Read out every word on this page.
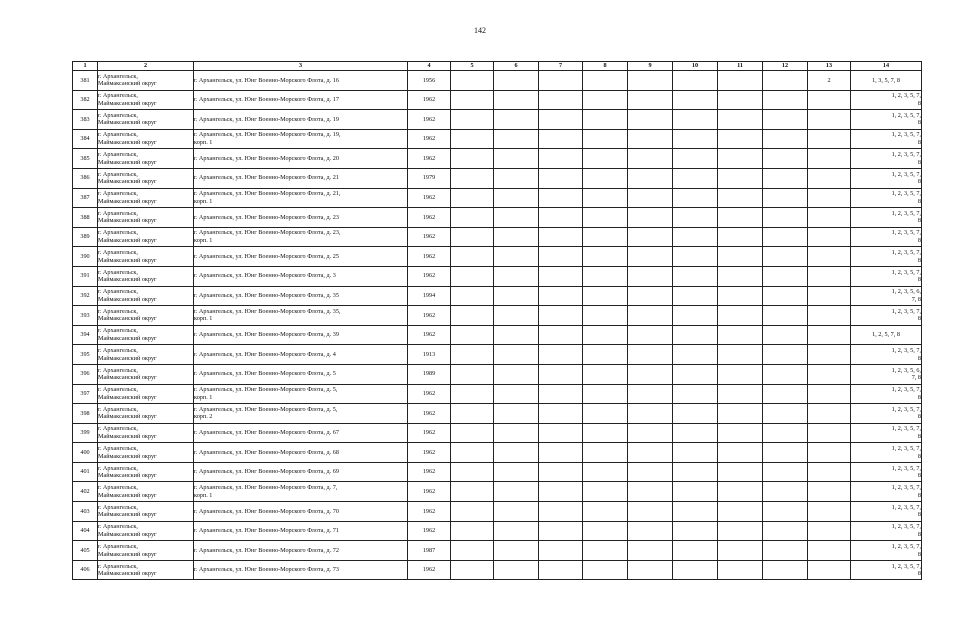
142
1	2	3	4	5	6	7	8	9	10	11	12	13	14
381	г. Архангельск,
Маймаксанский округ	г. Архангельск, ул. Юнг Военно-Морского Флота, д. 16	1956									2	1, 3, 5, 7, 8
382	г. Архангельск,
Маймаксанский округ	г. Архангельск, ул. Юнг Военно-Морского Флота, д. 17	1962										1, 2, 3, 5, 7,
8
383	г. Архангельск,
Маймаксанский округ	г. Архангельск, ул. Юнг Военно-Морского Флота, д. 19	1962										1, 2, 3, 5, 7,
8
384	г. Архангельск,
Маймаксанский округ	г. Архангельск, ул. Юнг Военно-Морского Флота, д. 19,
корп. 1	1962										1, 2, 3, 5, 7,
8
385	г. Архангельск,
Маймаксанский округ	г. Архангельск, ул. Юнг Военно-Морского Флота, д. 20	1962										1, 2, 3, 5, 7,
8
386	г. Архангельск,
Маймаксанский округ	г. Архангельск, ул. Юнг Военно-Морского Флота, д. 21	1979										1, 2, 3, 5, 7,
8
387	г. Архангельск,
Маймаксанский округ	г. Архангельск, ул. Юнг Военно-Морского Флота, д. 21,
корп. 1	1962										1, 2, 3, 5, 7,
8
388	г. Архангельск,
Маймаксанский округ	г. Архангельск, ул. Юнг Военно-Морского Флота, д. 23	1962										1, 2, 3, 5, 7,
8
389	г. Архангельск,
Маймаксанский округ	г. Архангельск, ул. Юнг Военно-Морского Флота, д. 23,
корп. 1	1962										1, 2, 3, 5, 7,
8
390	г. Архангельск,
Маймаксанский округ	г. Архангельск, ул. Юнг Военно-Морского Флота, д. 25	1962										1, 2, 3, 5, 7,
8
391	г. Архангельск,
Маймаксанский округ	г. Архангельск, ул. Юнг Военно-Морского Флота, д. 3	1962										1, 2, 3, 5, 7,
8
392	г. Архангельск,
Маймаксанский округ	г. Архангельск, ул. Юнг Военно-Морского Флота, д. 35	1994										1, 2, 3, 5, 6,
7, 8
393	г. Архангельск,
Маймаксанский округ	г. Архангельск, ул. Юнг Военно-Морского Флота, д. 35,
корп. 1	1962										1, 2, 3, 5, 7,
8
394	г. Архангельск,
Маймаксанский округ	г. Архангельск, ул. Юнг Военно-Морского Флота, д. 39	1962										1, 2, 5, 7, 8
395	г. Архангельск,
Маймаксанский округ	г. Архангельск, ул. Юнг Военно-Морского Флота, д. 4	1913										1, 2, 3, 5, 7,
8
396	г. Архангельск,
Маймаксанский округ	г. Архангельск, ул. Юнг Военно-Морского Флота, д. 5	1989										1, 2, 3, 5, 6,
7, 8
397	г. Архангельск,
Маймаксанский округ	г. Архангельск, ул. Юнг Военно-Морского Флота, д. 5,
корп. 1	1962										1, 2, 3, 5, 7,
8
398	г. Архангельск,
Маймаксанский округ	г. Архангельск, ул. Юнг Военно-Морского Флота, д. 5,
корп. 2	1962										1, 2, 3, 5, 7,
8
399	г. Архангельск,
Маймаксанский округ	г. Архангельск, ул. Юнг Военно-Морского Флота, д. 67	1962										1, 2, 3, 5, 7,
8
400	г. Архангельск,
Маймаксанский округ	г. Архангельск, ул. Юнг Военно-Морского Флота, д. 68	1962										1, 2, 3, 5, 7,
8
401	г. Архангельск,
Маймаксанский округ	г. Архангельск, ул. Юнг Военно-Морского Флота, д. 69	1962										1, 2, 3, 5, 7,
8
402	г. Архангельск,
Маймаксанский округ	г. Архангельск, ул. Юнг Военно-Морского Флота, д. 7,
корп. 1	1962										1, 2, 3, 5, 7,
8
403	г. Архангельск,
Маймаксанский округ	г. Архангельск, ул. Юнг Военно-Морского Флота, д. 70	1962										1, 2, 3, 5, 7,
8
404	г. Архангельск,
Маймаксанский округ	г. Архангельск, ул. Юнг Военно-Морского Флота, д. 71	1962										1, 2, 3, 5, 7,
8
405	г. Архангельск,
Маймаксанский округ	г. Архангельск, ул. Юнг Военно-Морского Флота, д. 72	1987										1, 2, 3, 5, 7,
8
406	г. Архангельск,
Маймаксанский округ	г. Архангельск, ул. Юнг Военно-Морского Флота, д. 73	1962										1, 2, 3, 5, 7,
8
